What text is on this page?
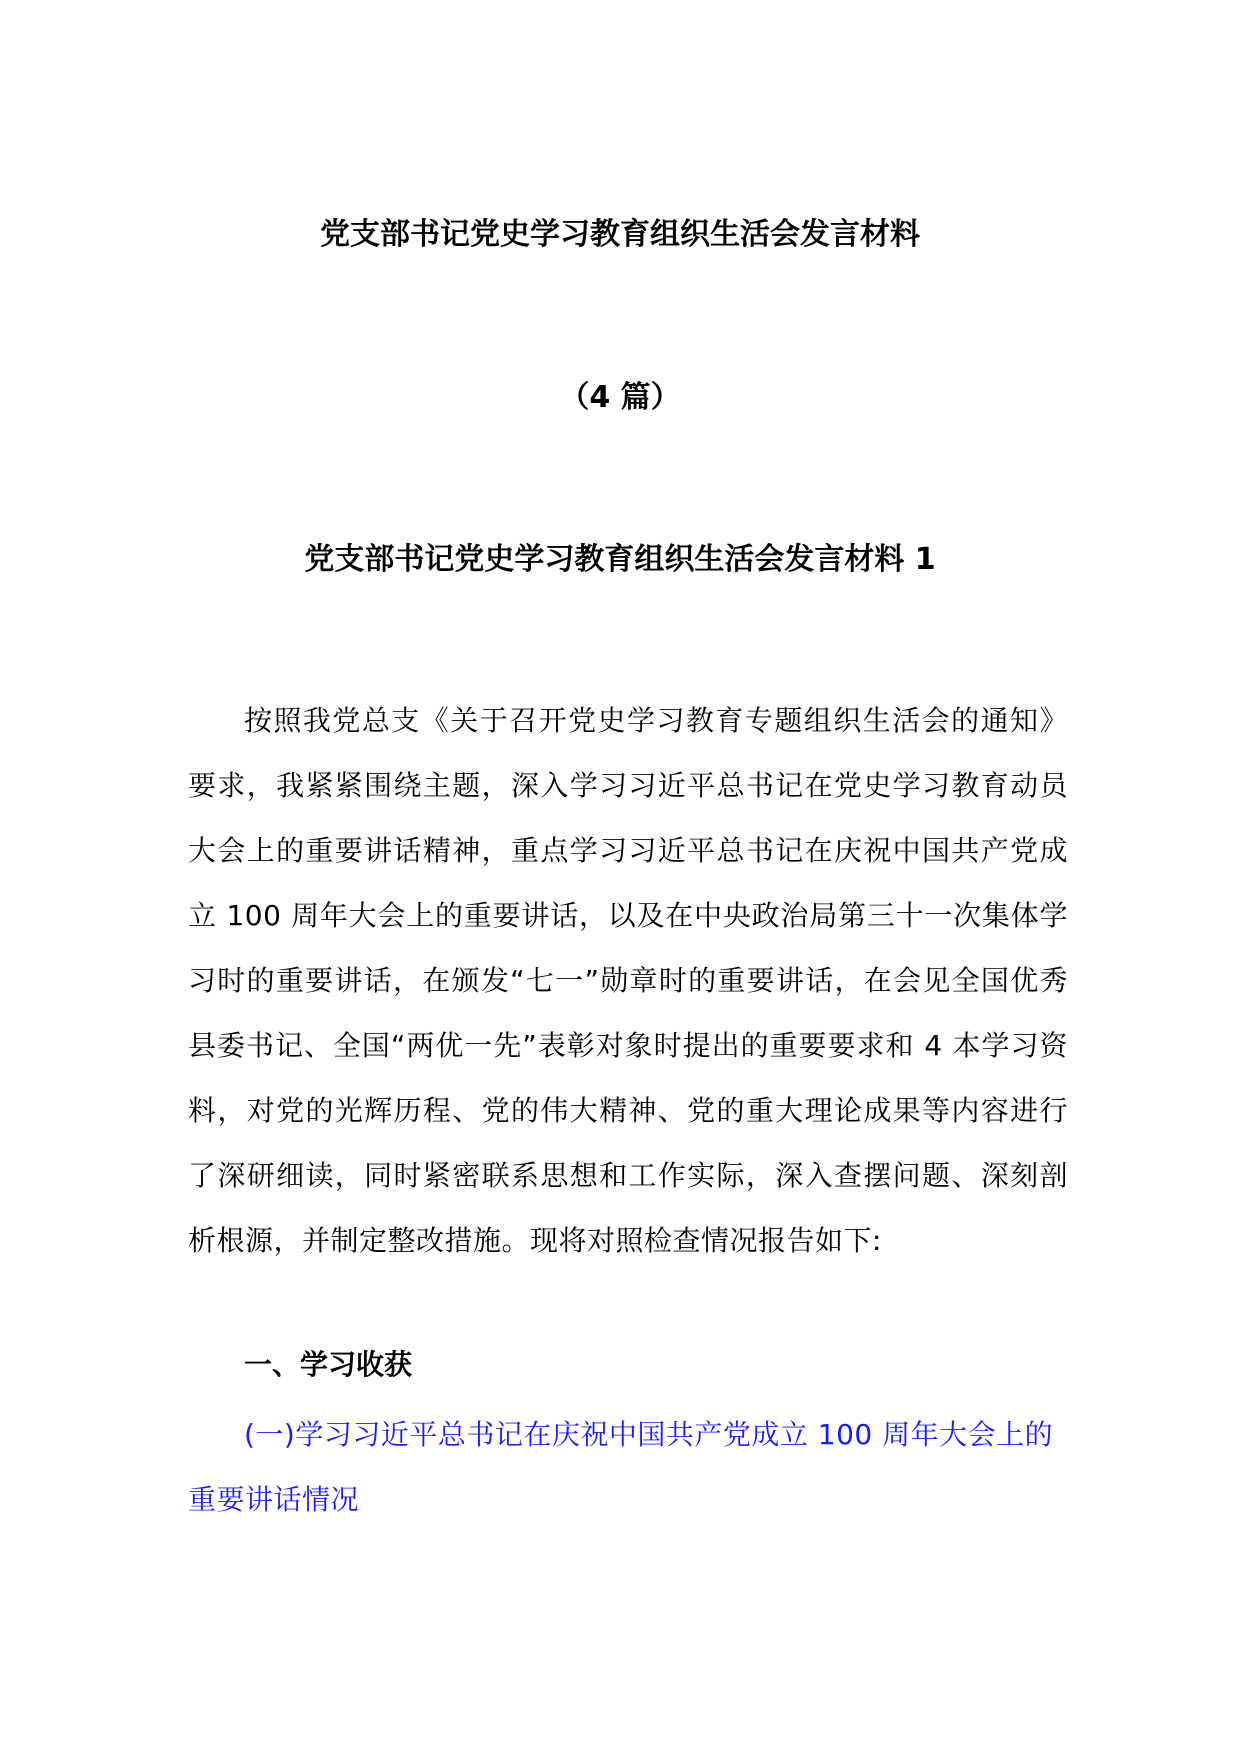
党支部书记党史学习教育组织生活会发言材料
（4 篇）
党支部书记党史学习教育组织生活会发言材料 1
按照我党总支《关于召开党史学习教育专题组织生活会的通知》要求，我紧紧围绕主题，深入学习习近平总书记在党史学习教育动员大会上的重要讲话精神，重点学习习近平总书记在庆祝中国共产党成立 100 周年大会上的重要讲话，以及在中央政治局第三十一次集体学习时的重要讲话，在颁发“七一”勋章时的重要讲话，在会见全国优秀县委书记、全国“两优一先”表彰对象时提出的重要要求和 4 本学习资料，对党的光辉历程、党的伟大精神、党的重大理论成果等内容进行了深研细读，同时紧密联系思想和工作实际，深入查摆问题、深刻剖析根源，并制定整改措施。现将对照检查情况报告如下:
一、学习收获
(一)学习习近平总书记在庆祝中国共产党成立 100 周年大会上的重要讲话情况
